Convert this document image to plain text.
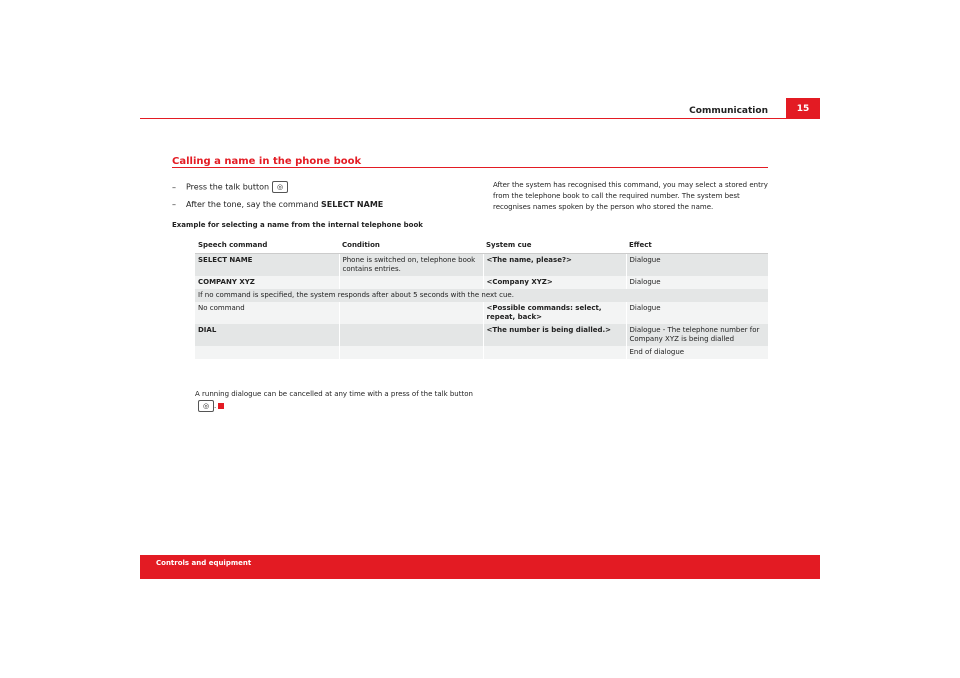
Communication	15
Calling a name in the phone book
– Press the talk button ◎
– After the tone, say the command SELECT NAME
After the system has recognised this command, you may select a stored entry from the telephone book to call the required number. The system best recognises names spoken by the person who stored the name.
Example for selecting a name from the internal telephone book
Speech command	Condition	System cue	Effect
SELECT NAME	Phone is switched on, telephone book contains entries.	<The name, please?>	Dialogue
COMPANY XYZ		<Company XYZ>	Dialogue
If no command is specified, the system responds after about 5 seconds with the next cue.			
No command		<Possible commands: select, repeat, back>	Dialogue
DIAL		<The number is being dialled.>	Dialogue - The telephone number for Company XYZ is being dialled
			End of dialogue
A running dialogue can be cancelled at any time with a press of the talk button◎ .
Controls and equipment
